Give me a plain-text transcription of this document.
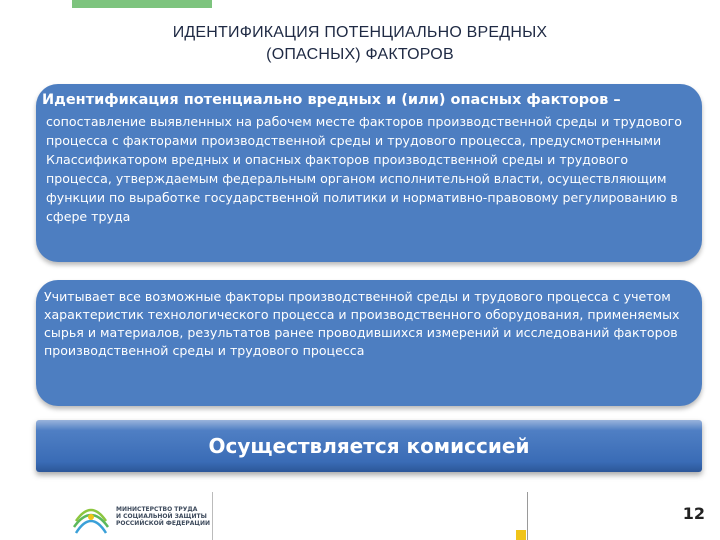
ИДЕНТИФИКАЦИЯ ПОТЕНЦИАЛЬНО ВРЕДНЫХ
(ОПАСНЫХ) ФАКТОРОВ
Идентификация потенциально вредных и (или) опасных факторов –
сопоставление выявленных на рабочем месте факторов производственной среды и трудового процесса с факторами производственной среды и трудового процесса, предусмотренными Классификатором вредных и опасных факторов производственной среды и трудового процесса, утверждаемым федеральным органом исполнительной власти, осуществляющим функции по выработке государственной политики и нормативно-правовому регулированию в сфере труда
Учитывает все возможные факторы производственной среды и трудового процесса с учетом характеристик технологического процесса и производственного оборудования, применяемых сырья и материалов, результатов ранее проводившихся измерений и исследований факторов производственной среды и трудового процесса
Осуществляется комиссией
МИНИСТЕРСТВО ТРУДА
И СОЦИАЛЬНОЙ ЗАЩИТЫ
РОССИЙСКОЙ ФЕДЕРАЦИИ	12
